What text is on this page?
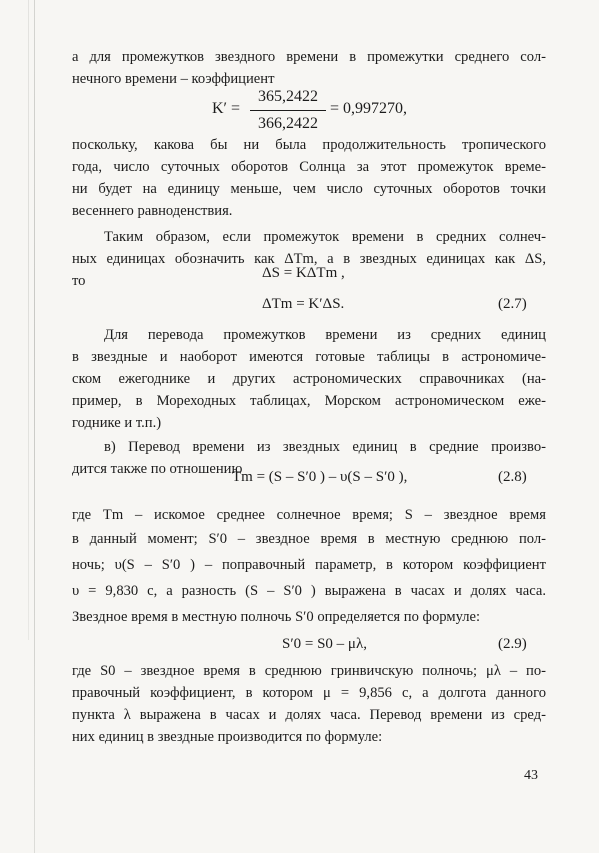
а для промежутков звездного времени в промежутки среднего сол-
нечного времени – коэффициент
K′ =
365,2422
366,2422
= 0,997270,
поскольку, какова бы ни была продолжительность тропического
года, число суточных оборотов Солнца за этот промежуток време-
ни будет на единицу меньше, чем число суточных оборотов точки
весеннего равноденствия.
Таким образом, если промежуток времени в средних солнеч-
ных единицах обозначить как ΔTm, а в звездных единицах как ΔS,
то	ΔS = KΔTm ,
ΔTm = K′ΔS.	(2.7)
Для перевода промежутков времени из средних единиц
в звездные и наоборот имеются готовые таблицы в астрономиче-
ском ежегоднике и других астрономических справочниках (на-
пример, в Мореходных таблицах, Морском астрономическом еже-
годнике и т.п.)
в) Перевод времени из звездных единиц в средние произво-
дится также по отношению
Tm = (S – S′0 ) – υ(S – S′0 ),	(2.8)
где Tm – искомое среднее солнечное время; S – звездное время
в данный момент; S′0 – звездное время в местную среднюю пол-
ночь; υ(S – S′0 ) – поправочный параметр, в котором коэффициент
υ = 9,830 с, а разность (S – S′0 ) выражена в часах и долях часа.
Звездное время в местную полночь S′0 определяется по формуле:
S′0 = S0 – μλ,	(2.9)
где S0 – звездное время в среднюю гринвичскую полночь; μλ – по-
правочный коэффициент, в котором μ = 9,856 с, а долгота данного
пункта λ выражена в часах и долях часа. Перевод времени из сред-
них единиц в звездные производится по формуле:
43
